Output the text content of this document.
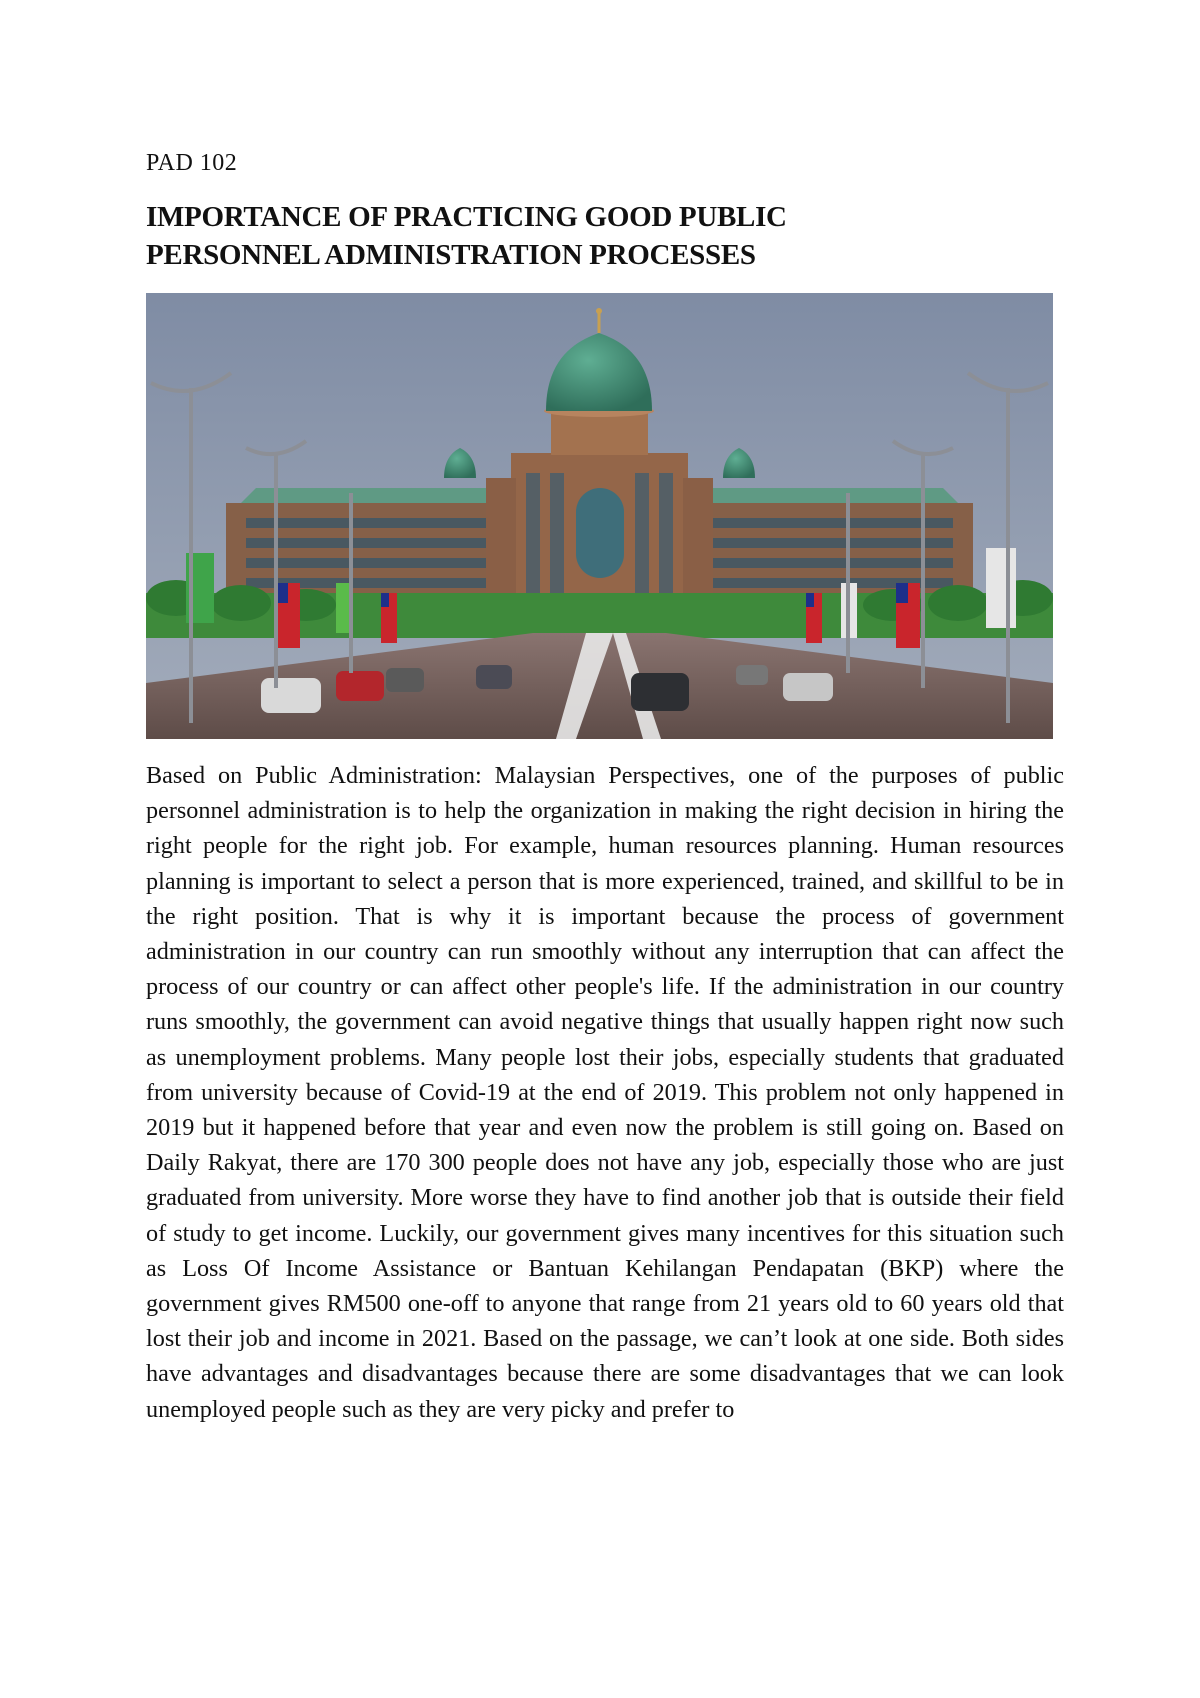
PAD 102
IMPORTANCE OF PRACTICING GOOD PUBLIC
PERSONNEL ADMINISTRATION PROCESSES

Based on Public Administration: Malaysian Perspectives, one of the purposes of public personnel administration is to help the organization in making the right decision in hiring the right people for the right job. For example, human resources planning. Human resources planning is important to select a person that is more experienced, trained, and skillful to be in the right position. That is why it is important because the process of government administration in our country can run smoothly without any interruption that can affect the process of our country or can affect other people's life. If the administration in our country runs smoothly, the government can avoid negative things that usually happen right now such as unemployment problems. Many people lost their jobs, especially students that graduated from university because of Covid-19 at the end of 2019. This problem not only happened in 2019 but it happened before that year and even now the problem is still going on. Based on Daily Rakyat, there are 170 300 people does not have any job, especially those who are just graduated from university. More worse they have to find another job that is outside their field of study to get income. Luckily, our government gives many incentives for this situation such as Loss Of Income Assistance or Bantuan Kehilangan Pendapatan (BKP) where the government gives RM500 one-off to anyone that range from 21 years old to 60 years old that lost their job and income in 2021. Based on the passage, we can’t look at one side. Both sides have advantages and disadvantages because there are some disadvantages that we can look unemployed people such as they are very picky and prefer to
